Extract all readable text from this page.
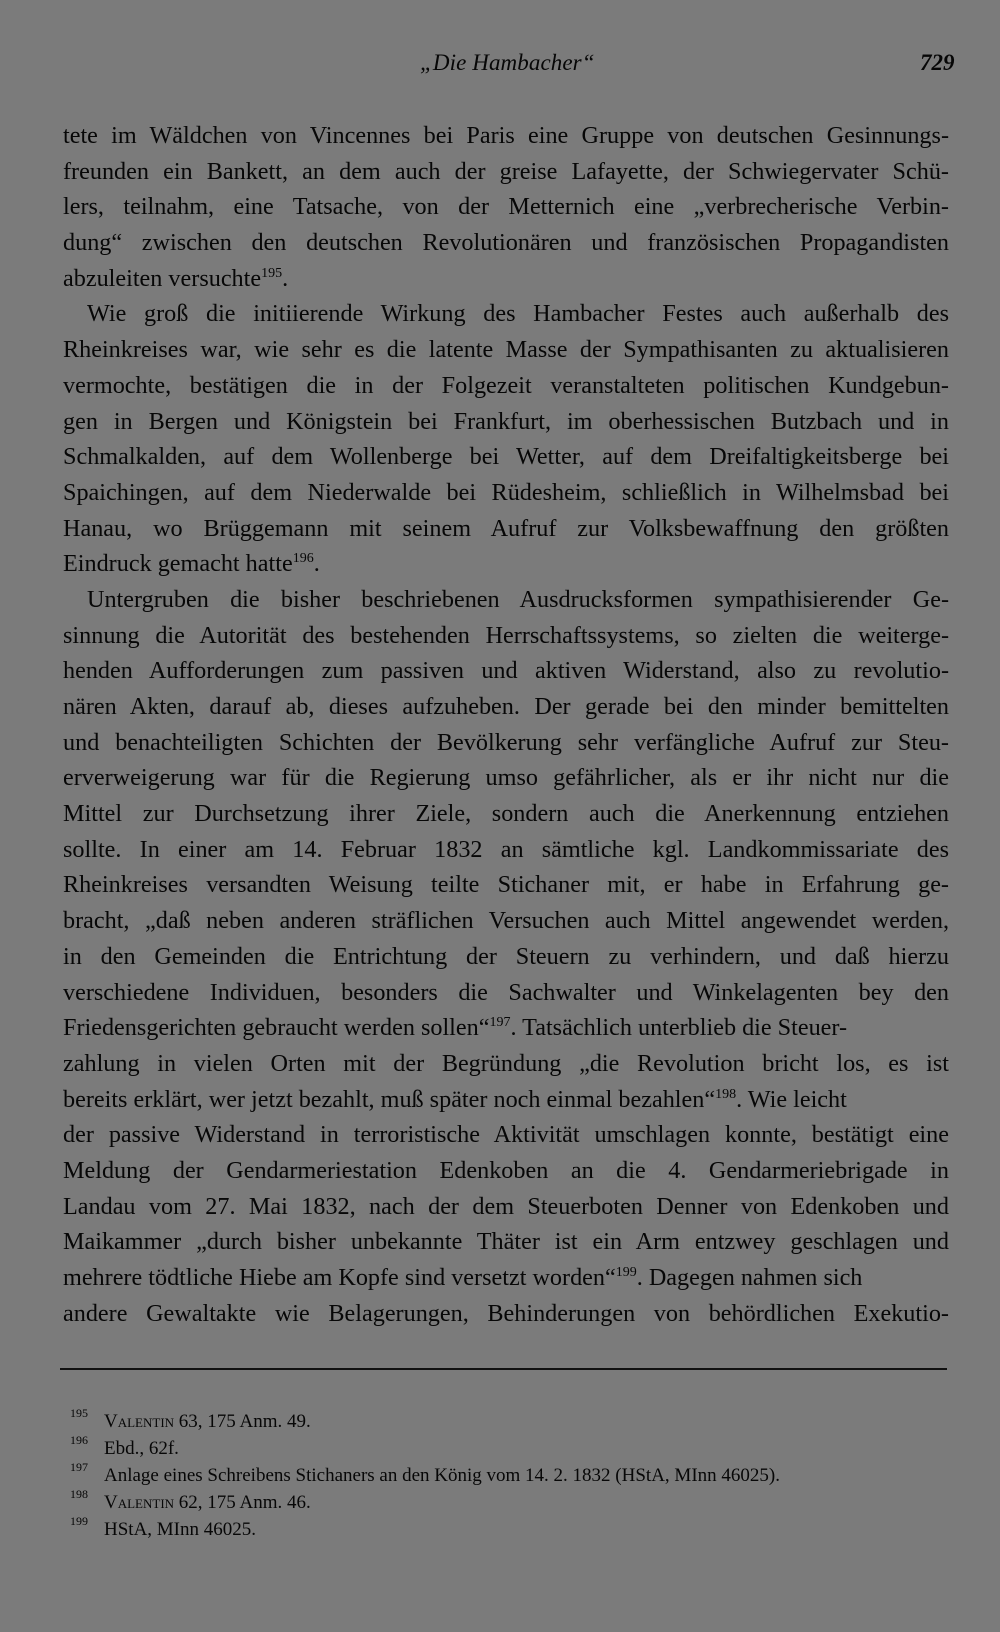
„Die Hambacher“	729
tete im Wäldchen von Vincennes bei Paris eine Gruppe von deutschen Gesinnungs-
freunden ein Bankett, an dem auch der greise Lafayette, der Schwiegervater Schü-
lers, teilnahm, eine Tatsache, von der Metternich eine „verbrecherische Verbin-
dung“ zwischen den deutschen Revolutionären und französischen Propagandisten
abzuleiten versuchte$^{195}$.
Wie groß die initiierende Wirkung des Hambacher Festes auch außerhalb des
Rheinkreises war, wie sehr es die latente Masse der Sympathisanten zu aktualisieren
vermochte, bestätigen die in der Folgezeit veranstalteten politischen Kundgebun-
gen in Bergen und Königstein bei Frankfurt, im oberhessischen Butzbach und in
Schmalkalden, auf dem Wollenberge bei Wetter, auf dem Dreifaltigkeitsberge bei
Spaichingen, auf dem Niederwalde bei Rüdesheim, schließlich in Wilhelmsbad bei
Hanau, wo Brüggemann mit seinem Aufruf zur Volksbewaffnung den größten
Eindruck gemacht hatte$^{196}$.
Untergruben die bisher beschriebenen Ausdrucksformen sympathisierender Ge-
sinnung die Autorität des bestehenden Herrschaftssystems, so zielten die weiterge-
henden Aufforderungen zum passiven und aktiven Widerstand, also zu revolutio-
nären Akten, darauf ab, dieses aufzuheben. Der gerade bei den minder bemittelten
und benachteiligten Schichten der Bevölkerung sehr verfängliche Aufruf zur Steu-
erverweigerung war für die Regierung umso gefährlicher, als er ihr nicht nur die
Mittel zur Durchsetzung ihrer Ziele, sondern auch die Anerkennung entziehen
sollte. In einer am 14. Februar 1832 an sämtliche kgl. Landkommissariate des
Rheinkreises versandten Weisung teilte Stichaner mit, er habe in Erfahrung ge-
bracht, „daß neben anderen sträflichen Versuchen auch Mittel angewendet werden,
in den Gemeinden die Entrichtung der Steuern zu verhindern, und daß hierzu
verschiedene Individuen, besonders die Sachwalter und Winkelagenten bey den
Friedensgerichten gebraucht werden sollen“$^{197}$. Tatsächlich unterblieb die Steuer-
zahlung in vielen Orten mit der Begründung „die Revolution bricht los, es ist
bereits erklärt, wer jetzt bezahlt, muß später noch einmal bezahlen“$^{198}$. Wie leicht
der passive Widerstand in terroristische Aktivität umschlagen konnte, bestätigt eine
Meldung der Gendarmeriestation Edenkoben an die 4. Gendarmeriebrigade in
Landau vom 27. Mai 1832, nach der dem Steuerboten Denner von Edenkoben und
Maikammer „durch bisher unbekannte Thäter ist ein Arm entzwey geschlagen und
mehrere tödtliche Hiebe am Kopfe sind versetzt worden“$^{199}$. Dagegen nahmen sich
andere Gewaltakte wie Belagerungen, Behinderungen von behördlichen Exekutio-
195 Valentin 63, 175 Anm. 49.
196 Ebd., 62f.
197 Anlage eines Schreibens Stichaners an den König vom 14. 2. 1832 (HStA, MInn 46025).
198 Valentin 62, 175 Anm. 46.
199 HStA, MInn 46025.
